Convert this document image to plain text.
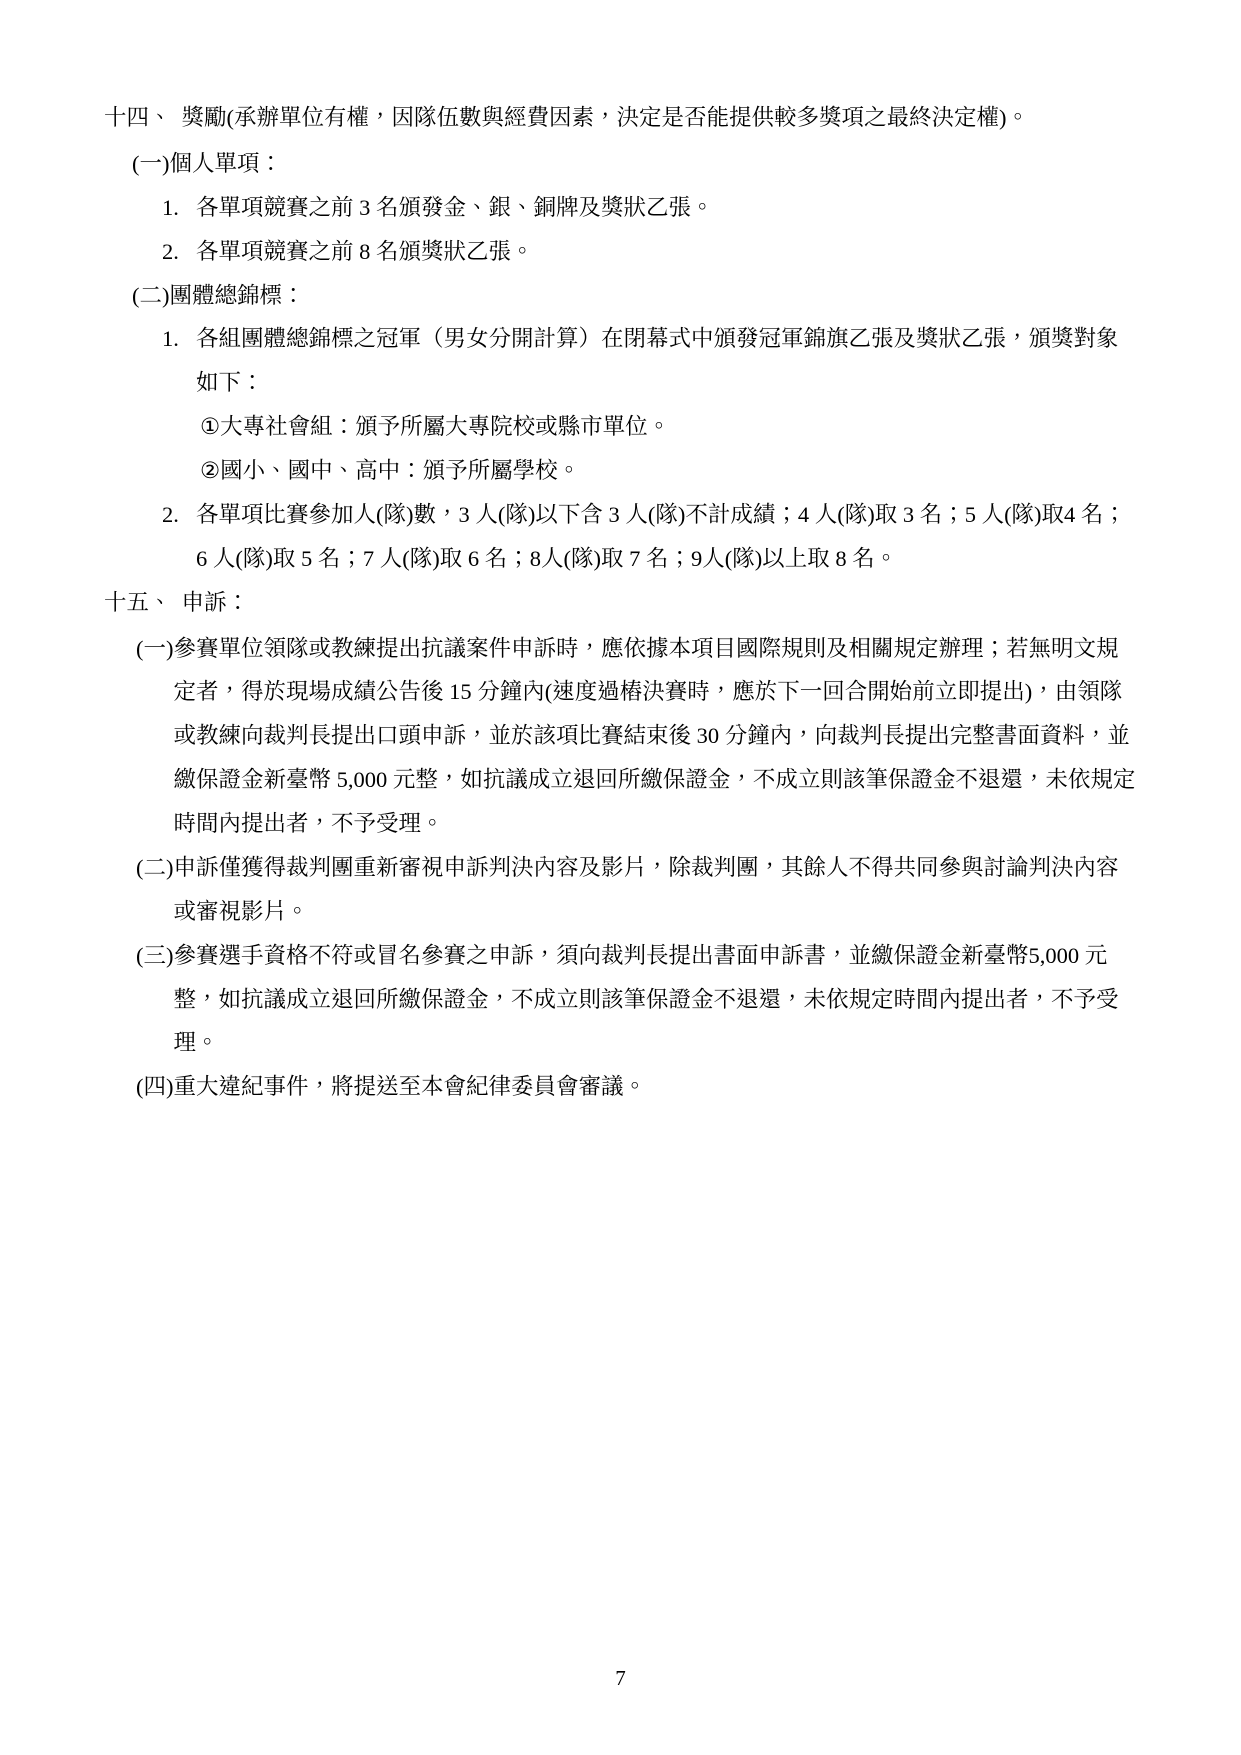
十四、 獎勵(承辦單位有權，因隊伍數與經費因素，決定是否能提供較多獎項之最終決定權)。
(一) 個人單項：
1. 各單項競賽之前 3 名頒發金、銀、銅牌及獎狀乙張。
2. 各單項競賽之前 8 名頒獎狀乙張。
(二) 團體總錦標：
1. 各組團體總錦標之冠軍（男女分開計算）在閉幕式中頒發冠軍錦旗乙張及獎狀乙張，頒獎對象如下：
① 大專社會組：頒予所屬大專院校或縣市單位。
② 國小、國中、高中：頒予所屬學校。
2. 各單項比賽參加人(隊)數，3 人(隊)以下含 3 人(隊)不計成績；4 人(隊)取 3 名；5 人(隊)取4 名；6 人(隊)取 5 名；7 人(隊)取 6 名；8人(隊)取 7 名；9人(隊)以上取 8 名。
十五、 申訴：
(一) 參賽單位領隊或教練提出抗議案件申訴時，應依據本項目國際規則及相關規定辦理；若無明文規定者，得於現場成績公告後 15 分鐘內(速度過樁決賽時，應於下一回合開始前立即提出)，由領隊或教練向裁判長提出口頭申訴，並於該項比賽結束後 30 分鐘內，向裁判長提出完整書面資料，並繳保證金新臺幣 5,000 元整，如抗議成立退回所繳保證金，不成立則該筆保證金不退還，未依規定時間內提出者，不予受理。
(二) 申訴僅獲得裁判團重新審視申訴判決內容及影片，除裁判團，其餘人不得共同參與討論判決內容或審視影片。
(三) 參賽選手資格不符或冒名參賽之申訴，須向裁判長提出書面申訴書，並繳保證金新臺幣5,000 元整，如抗議成立退回所繳保證金，不成立則該筆保證金不退還，未依規定時間內提出者，不予受理。
(四) 重大違紀事件，將提送至本會紀律委員會審議。
7
